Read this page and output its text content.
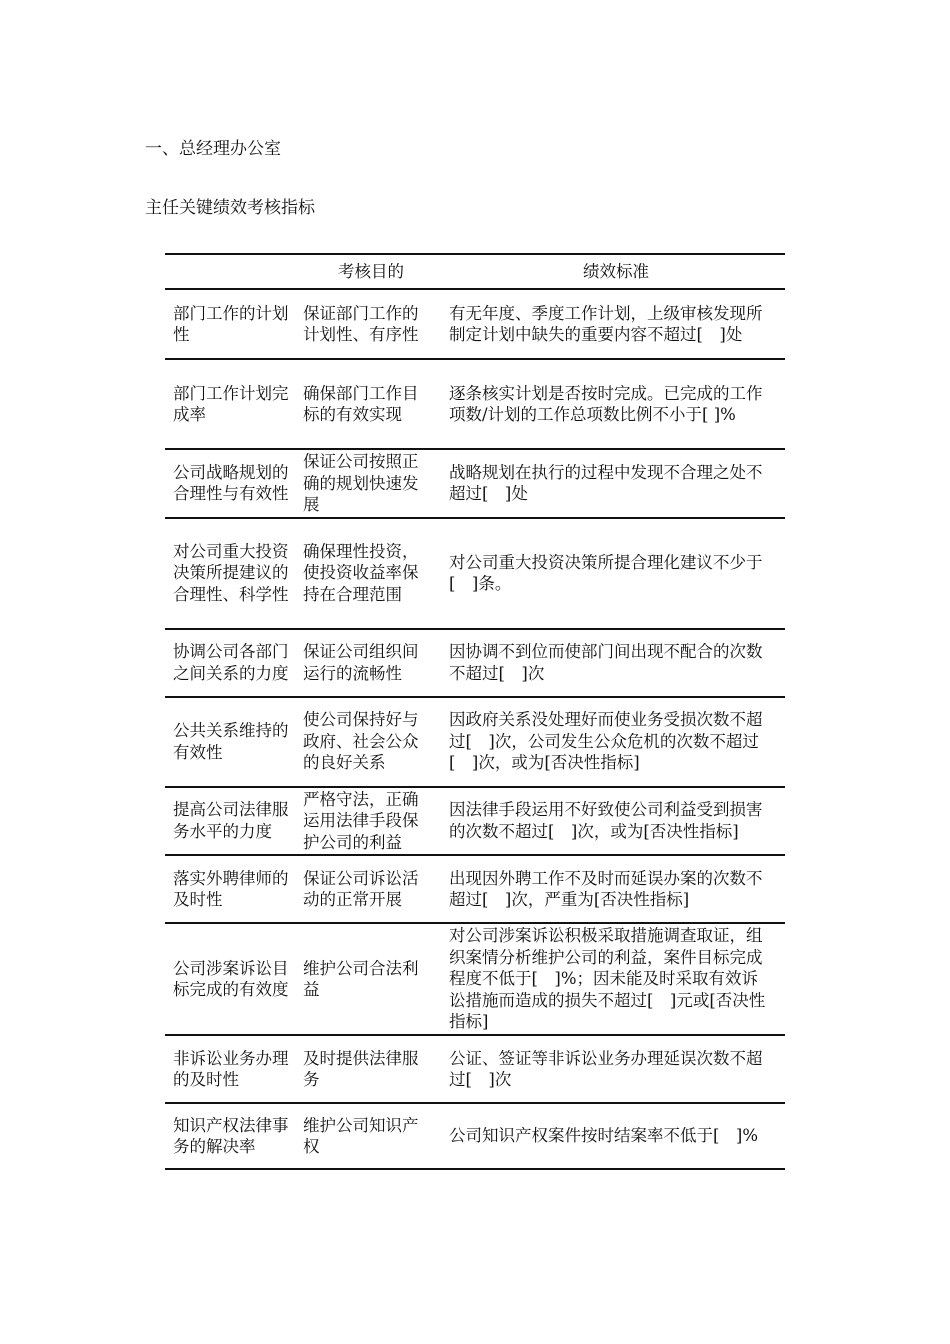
一、总经理办公室

主任关键绩效考核指标

	考核目的	绩效标准
部门工作的计划性	保证部门工作的计划性、有序性	有无年度、季度工作计划，上级审核发现所制定计划中缺失的重要内容不超过[　]处
部门工作计划完成率	确保部门工作目标的有效实现	逐条核实计划是否按时完成。已完成的工作项数/计划的工作总项数比例不小于[ ]%
公司战略规划的合理性与有效性	保证公司按照正确的规划快速发展	战略规划在执行的过程中发现不合理之处不超过[　]处
对公司重大投资决策所提建议的合理性、科学性	确保理性投资，使投资收益率保持在合理范围	对公司重大投资决策所提合理化建议不少于[　]条。
协调公司各部门之间关系的力度	保证公司组织间运行的流畅性	因协调不到位而使部门间出现不配合的次数不超过[　]次
公共关系维持的有效性	使公司保持好与政府、社会公众的良好关系	因政府关系没处理好而使业务受损次数不超过[　]次，公司发生公众危机的次数不超过[　]次，或为[否决性指标]
提高公司法律服务水平的力度	严格守法，正确运用法律手段保护公司的利益	因法律手段运用不好致使公司利益受到损害的次数不超过[　]次，或为[否决性指标]
落实外聘律师的及时性	保证公司诉讼活动的正常开展	出现因外聘工作不及时而延误办案的次数不超过[　]次，严重为[否决性指标]
公司涉案诉讼目标完成的有效度	维护公司合法利益	对公司涉案诉讼积极采取措施调查取证，组织案情分析维护公司的利益，案件目标完成程度不低于[　]%；因未能及时采取有效诉讼措施而造成的损失不超过[　]元或[否决性指标]
非诉讼业务办理的及时性	及时提供法律服务	公证、签证等非诉讼业务办理延误次数不超过[　]次
知识产权法律事务的解决率	维护公司知识产权	公司知识产权案件按时结案率不低于[　]%
